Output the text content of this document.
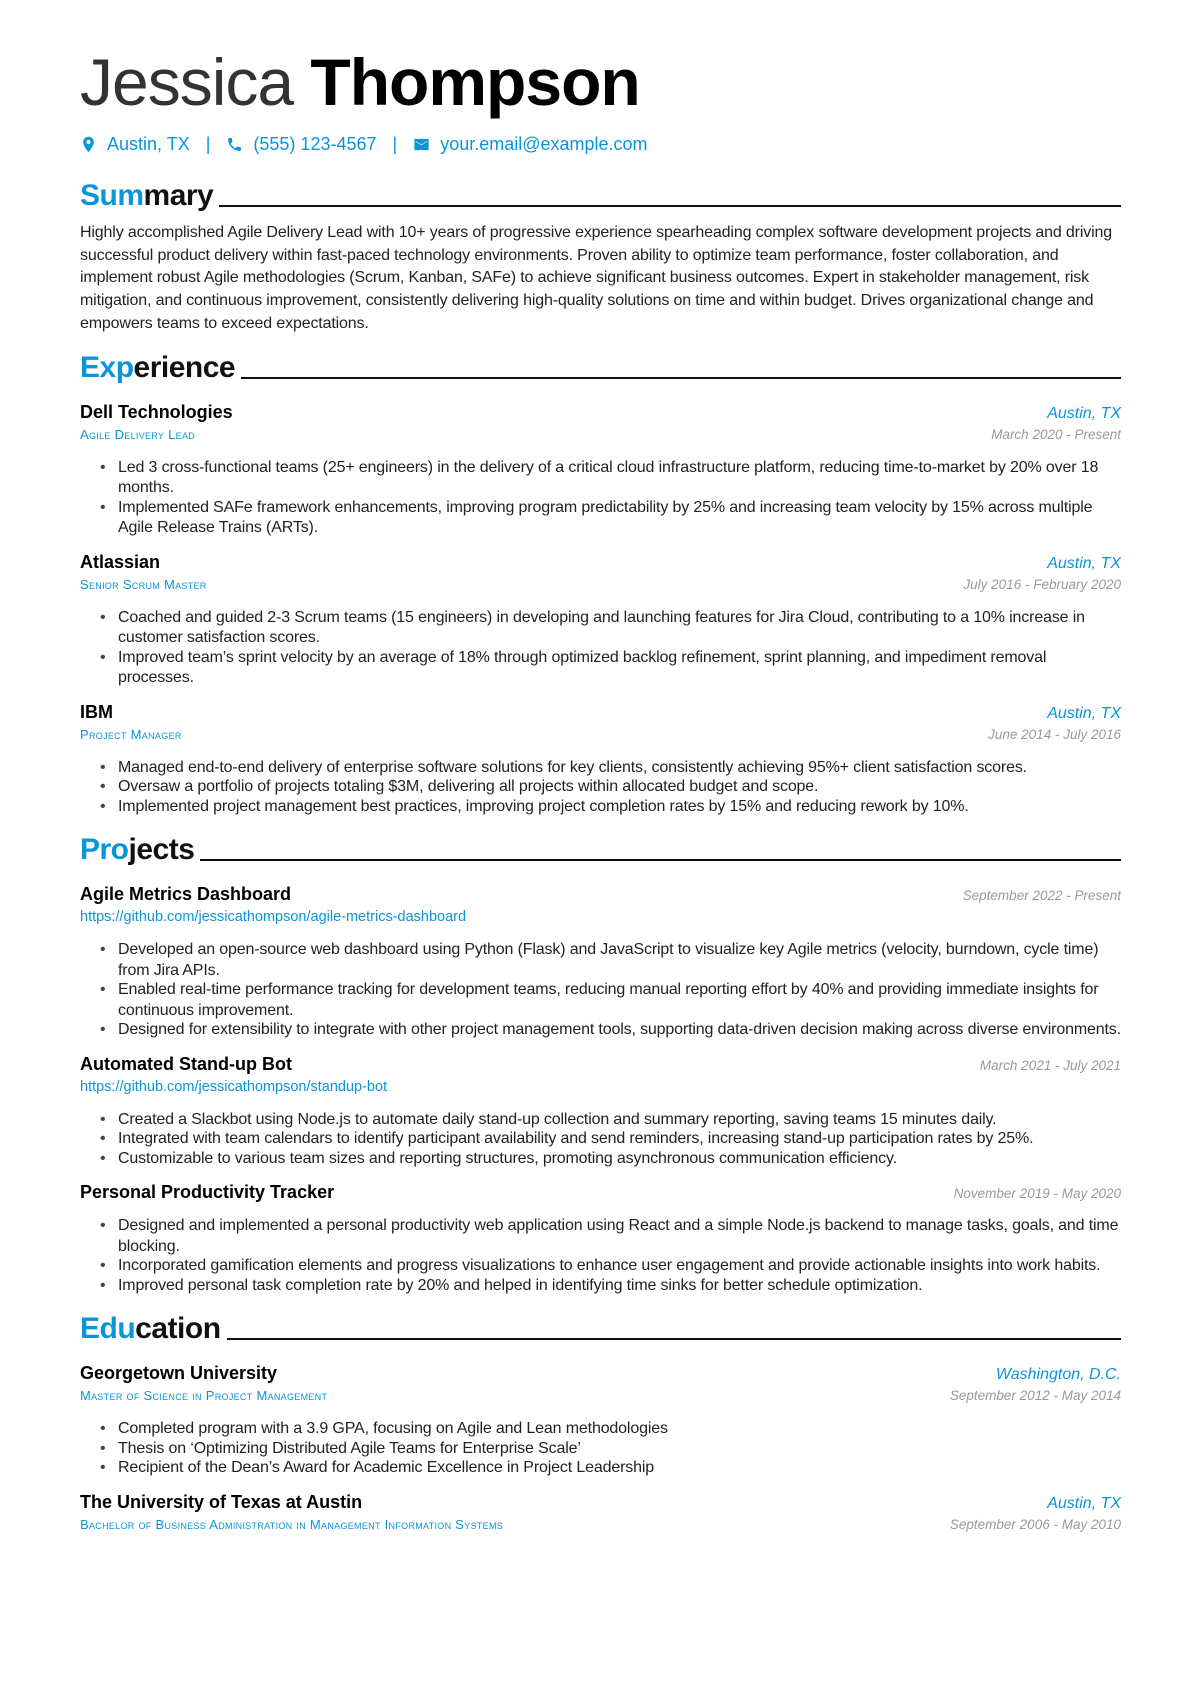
Jessica Thompson
Austin, TX | (555) 123-4567 | your.email@example.com
Summary

Highly accomplished Agile Delivery Lead with 10+ years of progressive experience spearheading complex software development projects and driving successful product delivery within fast-paced technology environments. Proven ability to optimize team performance, foster collaboration, and implement robust Agile methodologies (Scrum, Kanban, SAFe) to achieve significant business outcomes. Expert in stakeholder management, risk mitigation, and continuous improvement, consistently delivering high-quality solutions on time and within budget. Drives organizational change and empowers teams to exceed expectations.

Experience
Dell Technologies	Austin, TX
Agile Delivery Lead	March 2020 - Present
• Led 3 cross-functional teams (25+ engineers) in the delivery of a critical cloud infrastructure platform, reducing time-to-market by 20% over 18 months.
• Implemented SAFe framework enhancements, improving program predictability by 25% and increasing team velocity by 15% across multiple Agile Release Trains (ARTs).
Atlassian	Austin, TX
Senior Scrum Master	July 2016 - February 2020
• Coached and guided 2-3 Scrum teams (15 engineers) in developing and launching features for Jira Cloud, contributing to a 10% increase in customer satisfaction scores.
• Improved team’s sprint velocity by an average of 18% through optimized backlog refinement, sprint planning, and impediment removal processes.
IBM	Austin, TX
Project Manager	June 2014 - July 2016
• Managed end-to-end delivery of enterprise software solutions for key clients, consistently achieving 95%+ client satisfaction scores.
• Oversaw a portfolio of projects totaling $3M, delivering all projects within allocated budget and scope.
• Implemented project management best practices, improving project completion rates by 15% and reducing rework by 10%.
Projects
Agile Metrics Dashboard	September 2022 - Present
https://github.com/jessicathompson/agile-metrics-dashboard
• Developed an open-source web dashboard using Python (Flask) and JavaScript to visualize key Agile metrics (velocity, burndown, cycle time) from Jira APIs.
• Enabled real-time performance tracking for development teams, reducing manual reporting effort by 40% and providing immediate insights for continuous improvement.
• Designed for extensibility to integrate with other project management tools, supporting data-driven decision making across diverse environments.
Automated Stand-up Bot	March 2021 - July 2021
https://github.com/jessicathompson/standup-bot
• Created a Slackbot using Node.js to automate daily stand-up collection and summary reporting, saving teams 15 minutes daily.
• Integrated with team calendars to identify participant availability and send reminders, increasing stand-up participation rates by 25%.
• Customizable to various team sizes and reporting structures, promoting asynchronous communication efficiency.
Personal Productivity Tracker	November 2019 - May 2020
• Designed and implemented a personal productivity web application using React and a simple Node.js backend to manage tasks, goals, and time blocking.
• Incorporated gamification elements and progress visualizations to enhance user engagement and provide actionable insights into work habits.
• Improved personal task completion rate by 20% and helped in identifying time sinks for better schedule optimization.
Education
Georgetown University	Washington, D.C.
Master of Science in Project Management	September 2012 - May 2014
• Completed program with a 3.9 GPA, focusing on Agile and Lean methodologies
• Thesis on ‘Optimizing Distributed Agile Teams for Enterprise Scale’
• Recipient of the Dean’s Award for Academic Excellence in Project Leadership
The University of Texas at Austin	Austin, TX
Bachelor of Business Administration in Management Information Systems	September 2006 - May 2010
